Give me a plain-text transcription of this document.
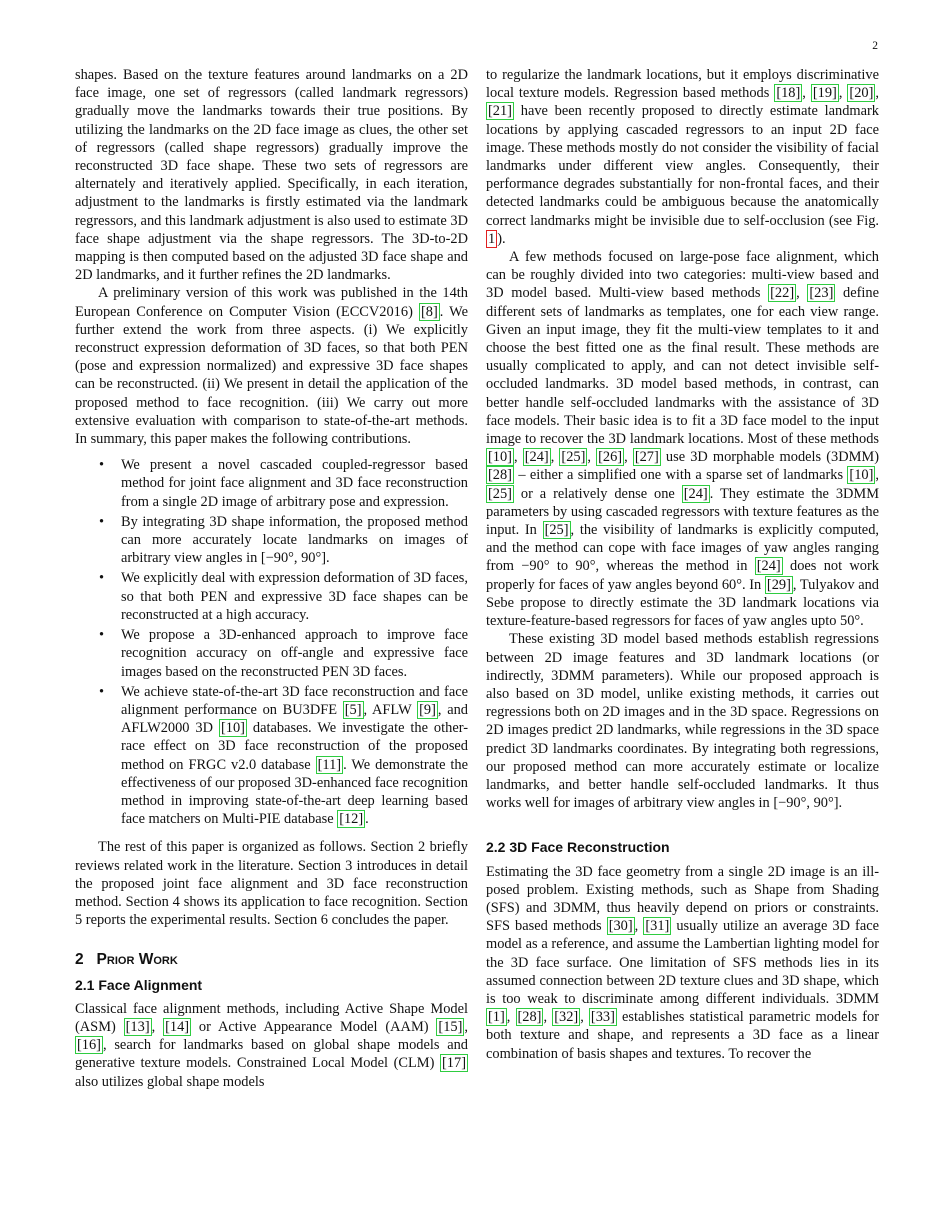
2

shapes. Based on the texture features around landmarks on a 2D face image, one set of regressors (called landmark regressors) gradually move the landmarks towards their true positions. By utilizing the landmarks on the 2D face image as clues, the other set of regressors (called shape regressors) gradually improve the reconstructed 3D face shape. These two sets of regressors are alternately and iteratively applied. Specifically, in each iteration, adjustment to the landmarks is firstly estimated via the landmark regressors, and this landmark adjustment is also used to estimate 3D face shape adjustment via the shape regressors. The 3D-to-2D mapping is then computed based on the adjusted 3D face shape and 2D landmarks, and it further refines the 2D landmarks.

A preliminary version of this work was published in the 14th European Conference on Computer Vision (ECCV2016) [8] . We further extend the work from three aspects. (i) We explicitly reconstruct expression deformation of 3D faces, so that both PEN (pose and expression normalized) and expressive 3D face shapes can be reconstructed. (ii) We present in detail the application of the proposed method to face recognition. (iii) We carry out more extensive evaluation with comparison to state-of-the-art methods. In summary, this paper makes the following contributions.

• We present a novel cascaded coupled-regressor based method for joint face alignment and 3D face reconstruction from a single 2D image of arbitrary pose and expression.
• By integrating 3D shape information, the proposed method can more accurately locate landmarks on images of arbitrary view angles in [−90°, 90°].
• We explicitly deal with expression deformation of 3D faces, so that both PEN and expressive 3D face shapes can be reconstructed at a high accuracy.
• We propose a 3D-enhanced approach to improve face recognition accuracy on off-angle and expressive face images based on the reconstructed PEN 3D faces.
• We achieve state-of-the-art 3D face reconstruction and face alignment performance on BU3DFE [5] , AFLW [9] , and AFLW2000 3D [10] databases. We investigate the other-race effect on 3D face reconstruction of the proposed method on FRGC v2.0 database [11] . We demonstrate the effectiveness of our proposed 3D-enhanced face recognition method in improving state-of-the-art deep learning based face matchers on Multi-PIE database [12] .

The rest of this paper is organized as follows. Section 2 briefly reviews related work in the literature. Section 3 introduces in detail the proposed joint face alignment and 3D face reconstruction method. Section 4 shows its application to face recognition. Section 5 reports the experimental results. Section 6 concludes the paper.

2 Prior Work
2.1 Face Alignment

Classical face alignment methods, including Active Shape Model (ASM) [13] , [14] or Active Appearance Model (AAM) [15] , [16] , search for landmarks based on global shape models and generative texture models. Constrained Local Model (CLM) [17] also utilizes global shape models

to regularize the landmark locations, but it employs discriminative local texture models. Regression based methods [18] , [19] , [20] , [21] have been recently proposed to directly estimate landmark locations by applying cascaded regressors to an input 2D face image. These methods mostly do not consider the visibility of facial landmarks under different view angles. Consequently, their performance degrades substantially for non-frontal faces, and their detected landmarks could be ambiguous because the anatomically correct landmarks might be invisible due to self-occlusion (see Fig. 1 ).

A few methods focused on large-pose face alignment, which can be roughly divided into two categories: multi-view based and 3D model based. Multi-view based methods [22] , [23] define different sets of landmarks as templates, one for each view range. Given an input image, they fit the multi-view templates to it and choose the best fitted one as the final result. These methods are usually complicated to apply, and can not detect invisible self-occluded landmarks. 3D model based methods, in contrast, can better handle self-occluded landmarks with the assistance of 3D face models. Their basic idea is to fit a 3D face model to the input image to recover the 3D landmark locations. Most of these methods [10] , [24] , [25] , [26] , [27] use 3D morphable models (3DMM) [28] – either a simplified one with a sparse set of landmarks [10] , [25] or a relatively dense one [24] . They estimate the 3DMM parameters by using cascaded regressors with texture features as the input. In [25] , the visibility of landmarks is explicitly computed, and the method can cope with face images of yaw angles ranging from −90° to 90°, whereas the method in [24] does not work properly for faces of yaw angles beyond 60°. In [29] , Tulyakov and Sebe propose to directly estimate the 3D landmark locations via texture-feature-based regressors for faces of yaw angles upto 50°.

These existing 3D model based methods establish regressions between 2D image features and 3D landmark locations (or indirectly, 3DMM parameters). While our proposed approach is also based on 3D model, unlike existing methods, it carries out regressions both on 2D images and in the 3D space. Regressions on 2D images predict 2D landmarks, while regressions in the 3D space predict 3D landmarks coordinates. By integrating both regressions, our proposed method can more accurately estimate or localize landmarks, and better handle self-occluded landmarks. It thus works well for images of arbitrary view angles in [−90°, 90°].

2.2 3D Face Reconstruction

Estimating the 3D face geometry from a single 2D image is an ill-posed problem. Existing methods, such as Shape from Shading (SFS) and 3DMM, thus heavily depend on priors or constraints. SFS based methods [30] , [31] usually utilize an average 3D face model as a reference, and assume the Lambertian lighting model for the 3D face surface. One limitation of SFS methods lies in its assumed connection between 2D texture clues and 3D shape, which is too weak to discriminate among different individuals. 3DMM [1] , [28] , [32] , [33] establishes statistical parametric models for both texture and shape, and represents a 3D face as a linear combination of basis shapes and textures. To recover the
